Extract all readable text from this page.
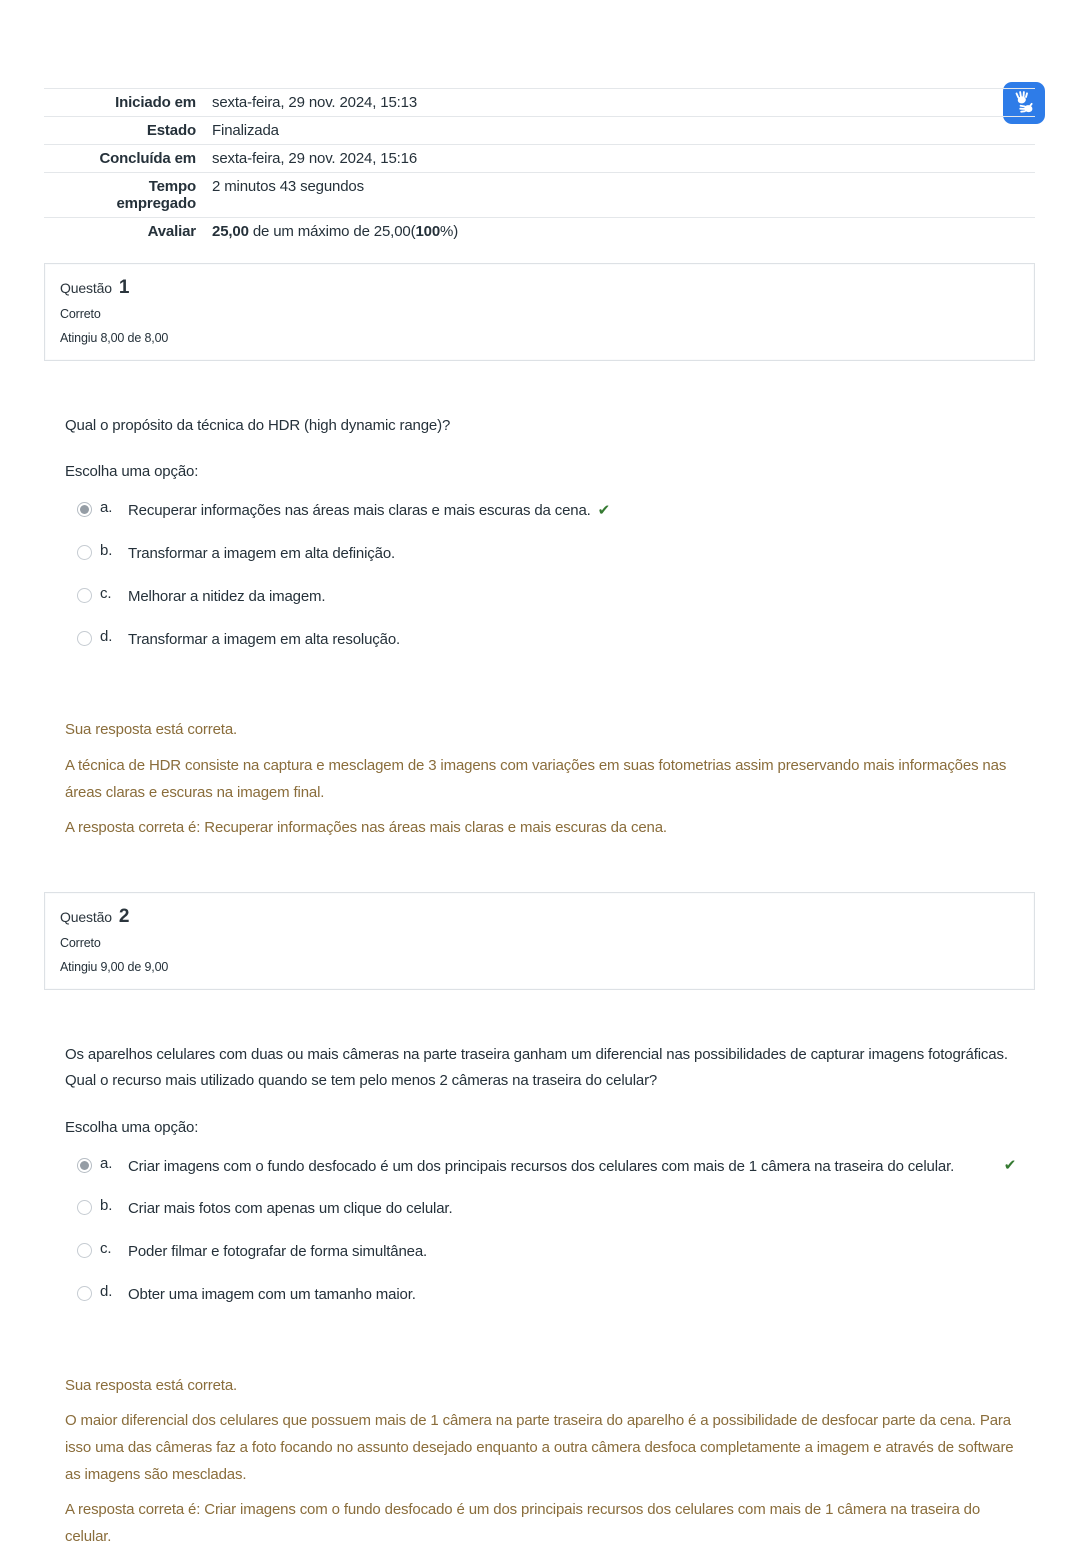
Iniciado em	sexta-feira, 29 nov. 2024, 15:13
Estado	Finalizada
Concluída em	sexta-feira, 29 nov. 2024, 15:16
Tempo empregado	2 minutos 43 segundos
Avaliar	25,00 de um máximo de 25,00(100%)
Questão 1
Correto
Atingiu 8,00 de 8,00

Qual o propósito da técnica do HDR (high dynamic range)?

Escolha uma opção:

a.	Recuperar informações nas áreas mais claras e mais escuras da cena. ✔
b.	Transformar a imagem em alta definição.
c.	Melhorar a nitidez da imagem.
d.	Transformar a imagem em alta resolução.

Sua resposta está correta.

A técnica de HDR consiste na captura e mesclagem de 3 imagens com variações em suas fotometrias assim preservando mais informações nas áreas claras e escuras na imagem final.

A resposta correta é: Recuperar informações nas áreas mais claras e mais escuras da cena.

Questão 2
Correto
Atingiu 9,00 de 9,00

Os aparelhos celulares com duas ou mais câmeras na parte traseira ganham um diferencial nas possibilidades de capturar imagens fotográficas. Qual o recurso mais utilizado quando se tem pelo menos 2 câmeras na traseira do celular?

Escolha uma opção:

a.	Criar imagens com o fundo desfocado é um dos principais recursos dos celulares com mais de 1 câmera na traseira do celular.	✔
b.	Criar mais fotos com apenas um clique do celular.
c.	Poder filmar e fotografar de forma simultânea.
d.	Obter uma imagem com um tamanho maior.

Sua resposta está correta.

O maior diferencial dos celulares que possuem mais de 1 câmera na parte traseira do aparelho é a possibilidade de desfocar parte da cena. Para isso uma das câmeras faz a foto focando no assunto desejado enquanto a outra câmera desfoca completamente a imagem e através de software as imagens são mescladas.

A resposta correta é: Criar imagens com o fundo desfocado é um dos principais recursos dos celulares com mais de 1 câmera na traseira do celular.
